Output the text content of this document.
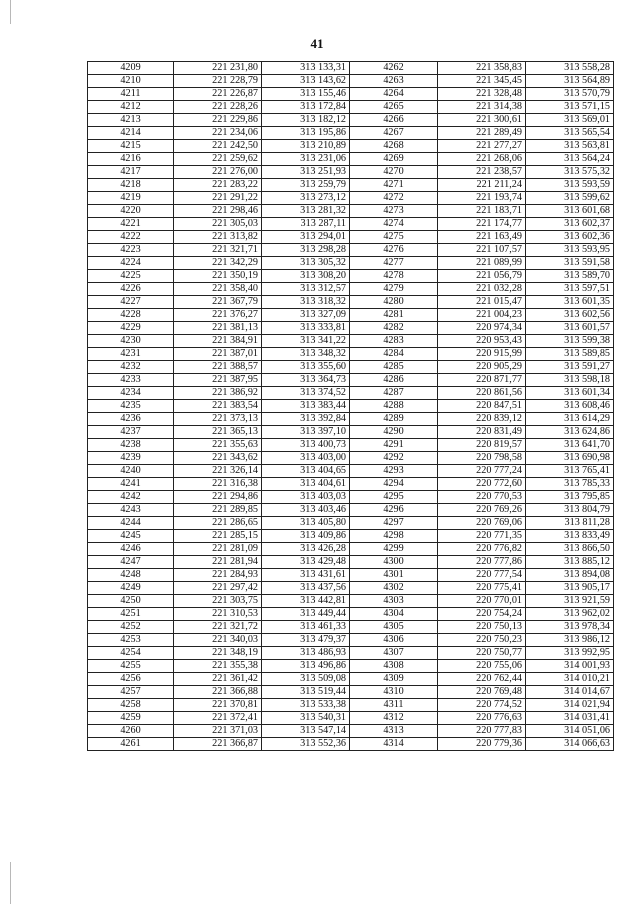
41
4209	221 231,80	313 133,31	4262	221 358,83	313 558,28
4210	221 228,79	313 143,62	4263	221 345,45	313 564,89
4211	221 226,87	313 155,46	4264	221 328,48	313 570,79
4212	221 228,26	313 172,84	4265	221 314,38	313 571,15
4213	221 229,86	313 182,12	4266	221 300,61	313 569,01
4214	221 234,06	313 195,86	4267	221 289,49	313 565,54
4215	221 242,50	313 210,89	4268	221 277,27	313 563,81
4216	221 259,62	313 231,06	4269	221 268,06	313 564,24
4217	221 276,00	313 251,93	4270	221 238,57	313 575,32
4218	221 283,22	313 259,79	4271	221 211,24	313 593,59
4219	221 291,22	313 273,12	4272	221 193,74	313 599,62
4220	221 298,46	313 281,32	4273	221 183,71	313 601,68
4221	221 305,03	313 287,11	4274	221 174,77	313 602,37
4222	221 313,82	313 294,01	4275	221 163,49	313 602,36
4223	221 321,71	313 298,28	4276	221 107,57	313 593,95
4224	221 342,29	313 305,32	4277	221 089,99	313 591,58
4225	221 350,19	313 308,20	4278	221 056,79	313 589,70
4226	221 358,40	313 312,57	4279	221 032,28	313 597,51
4227	221 367,79	313 318,32	4280	221 015,47	313 601,35
4228	221 376,27	313 327,09	4281	221 004,23	313 602,56
4229	221 381,13	313 333,81	4282	220 974,34	313 601,57
4230	221 384,91	313 341,22	4283	220 953,43	313 599,38
4231	221 387,01	313 348,32	4284	220 915,99	313 589,85
4232	221 388,57	313 355,60	4285	220 905,29	313 591,27
4233	221 387,95	313 364,73	4286	220 871,77	313 598,18
4234	221 386,92	313 374,52	4287	220 861,56	313 601,34
4235	221 383,54	313 383,44	4288	220 847,51	313 608,46
4236	221 373,13	313 392,84	4289	220 839,12	313 614,29
4237	221 365,13	313 397,10	4290	220 831,49	313 624,86
4238	221 355,63	313 400,73	4291	220 819,57	313 641,70
4239	221 343,62	313 403,00	4292	220 798,58	313 690,98
4240	221 326,14	313 404,65	4293	220 777,24	313 765,41
4241	221 316,38	313 404,61	4294	220 772,60	313 785,33
4242	221 294,86	313 403,03	4295	220 770,53	313 795,85
4243	221 289,85	313 403,46	4296	220 769,26	313 804,79
4244	221 286,65	313 405,80	4297	220 769,06	313 811,28
4245	221 285,15	313 409,86	4298	220 771,35	313 833,49
4246	221 281,09	313 426,28	4299	220 776,82	313 866,50
4247	221 281,94	313 429,48	4300	220 777,86	313 885,12
4248	221 284,93	313 431,61	4301	220 777,54	313 894,08
4249	221 297,42	313 437,56	4302	220 775,41	313 905,17
4250	221 303,75	313 442,81	4303	220 770,01	313 921,59
4251	221 310,53	313 449,44	4304	220 754,24	313 962,02
4252	221 321,72	313 461,33	4305	220 750,13	313 978,34
4253	221 340,03	313 479,37	4306	220 750,23	313 986,12
4254	221 348,19	313 486,93	4307	220 750,77	313 992,95
4255	221 355,38	313 496,86	4308	220 755,06	314 001,93
4256	221 361,42	313 509,08	4309	220 762,44	314 010,21
4257	221 366,88	313 519,44	4310	220 769,48	314 014,67
4258	221 370,81	313 533,38	4311	220 774,52	314 021,94
4259	221 372,41	313 540,31	4312	220 776,63	314 031,41
4260	221 371,03	313 547,14	4313	220 777,83	314 051,06
4261	221 366,87	313 552,36	4314	220 779,36	314 066,63
